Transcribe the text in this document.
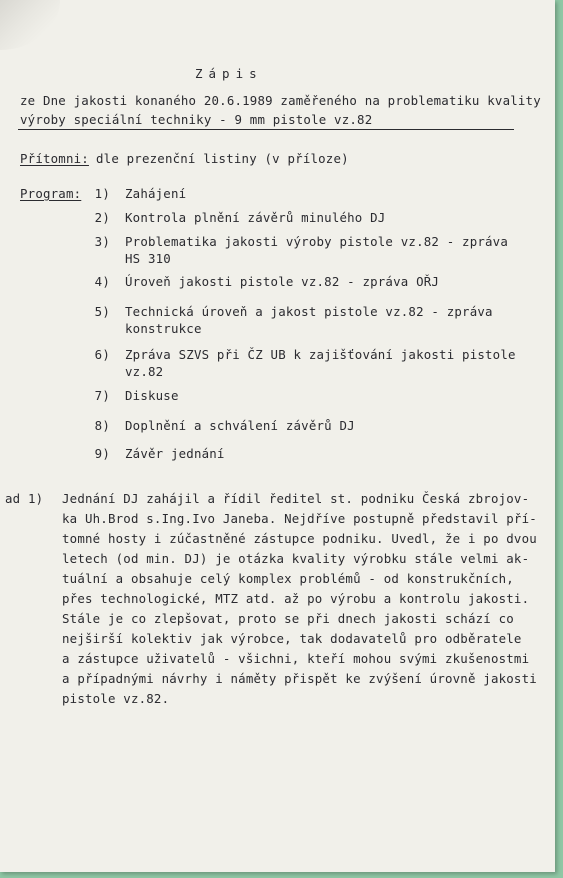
Zápis
ze Dne jakosti konaného 20.6.1989 zaměřeného na problematiku kvality
výroby speciální techniky - 9 mm pistole vz.82
Přítomni: dle prezenční listiny (v příloze)
Program:	1) Zahájení
2) Kontrola plnění závěrů minulého DJ
3) Problematika jakosti výroby pistole vz.82 - zpráva
HS 310
4) Úroveň jakosti pistole vz.82 - zpráva OŘJ
5) Technická úroveň a jakost pistole vz.82 - zpráva
konstrukce
6) Zpráva SZVS při ČZ UB k zajišťování jakosti pistole
vz.82
7) Diskuse
8) Doplnění a schválení závěrů DJ
9) Závěr jednání
ad 1) Jednání DJ zahájil a řídil ředitel st. podniku Česká zbrojov-
ka Uh.Brod s.Ing.Ivo Janeba. Nejdříve postupně představil pří-
tomné hosty i zúčastněné zástupce podniku. Uvedl, že i po dvou
letech (od min. DJ) je otázka kvality výrobku stále velmi ak-
tuální a obsahuje celý komplex problémů - od konstrukčních,
přes technologické, MTZ atd. až po výrobu a kontrolu jakosti.
Stále je co zlepšovat, proto se při dnech jakosti schází co
nejširší kolektiv jak výrobce, tak dodavatelů pro odběratele
a zástupce uživatelů - všichni, kteří mohou svými zkušenostmi
a případnými návrhy i náměty přispět ke zvýšení úrovně jakosti
pistole vz.82.
